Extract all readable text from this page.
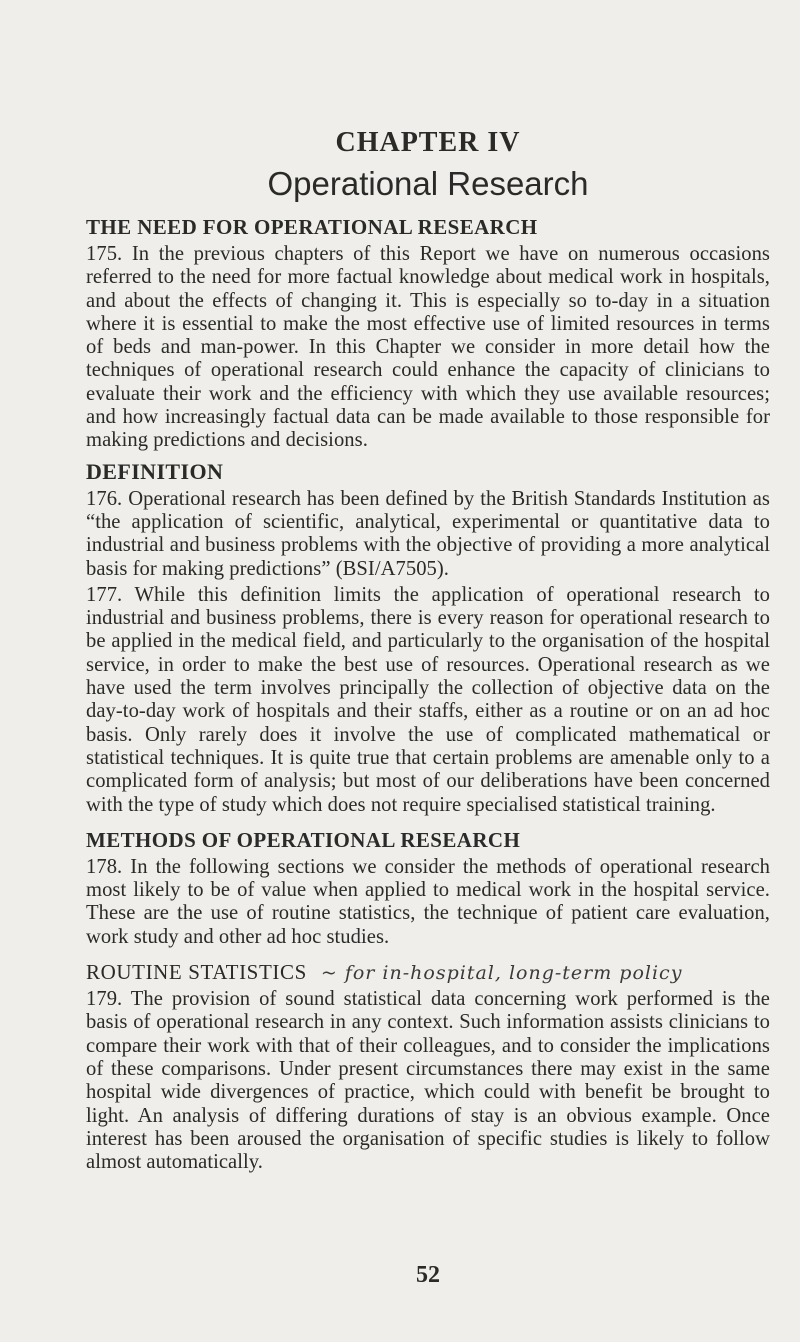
CHAPTER IV
Operational Research
THE NEED FOR OPERATIONAL RESEARCH

175. In the previous chapters of this Report we have on numerous occasions referred to the need for more factual knowledge about medical work in hospitals, and about the effects of changing it. This is especially so to-day in a situation where it is essential to make the most effective use of limited resources in terms of beds and man-power. In this Chapter we consider in more detail how the techniques of operational research could enhance the capacity of clinicians to evaluate their work and the efficiency with which they use available resources; and how increasingly factual data can be made available to those responsible for making predictions and decisions.

DEFINITION

176. Operational research has been defined by the British Standards Institution as “the application of scientific, analytical, experimental or quantitative data to industrial and business problems with the objective of providing a more analytical basis for making predictions” (BSI/A7505).

177. While this definition limits the application of operational research to industrial and business problems, there is every reason for operational research to be applied in the medical field, and particularly to the organisation of the hospital service, in order to make the best use of resources. Operational research as we have used the term involves principally the collection of objective data on the day-to-day work of hospitals and their staffs, either as a routine or on an ad hoc basis. Only rarely does it involve the use of complicated mathematical or statistical techniques. It is quite true that certain problems are amenable only to a complicated form of analysis; but most of our deliberations have been concerned with the type of study which does not require specialised statistical training.

METHODS OF OPERATIONAL RESEARCH

178. In the following sections we consider the methods of operational research most likely to be of value when applied to medical work in the hospital service. These are the use of routine statistics, the technique of patient care evaluation, work study and other ad hoc studies.

ROUTINE STATISTICS ~ for in-hospital, long-term policy

179. The provision of sound statistical data concerning work performed is the basis of operational research in any context. Such information assists clinicians to compare their work with that of their colleagues, and to consider the implications of these comparisons. Under present circumstances there may exist in the same hospital wide divergences of practice, which could with benefit be brought to light. An analysis of differing durations of stay is an obvious example. Once interest has been aroused the organisation of specific studies is likely to follow almost automatically.

52
